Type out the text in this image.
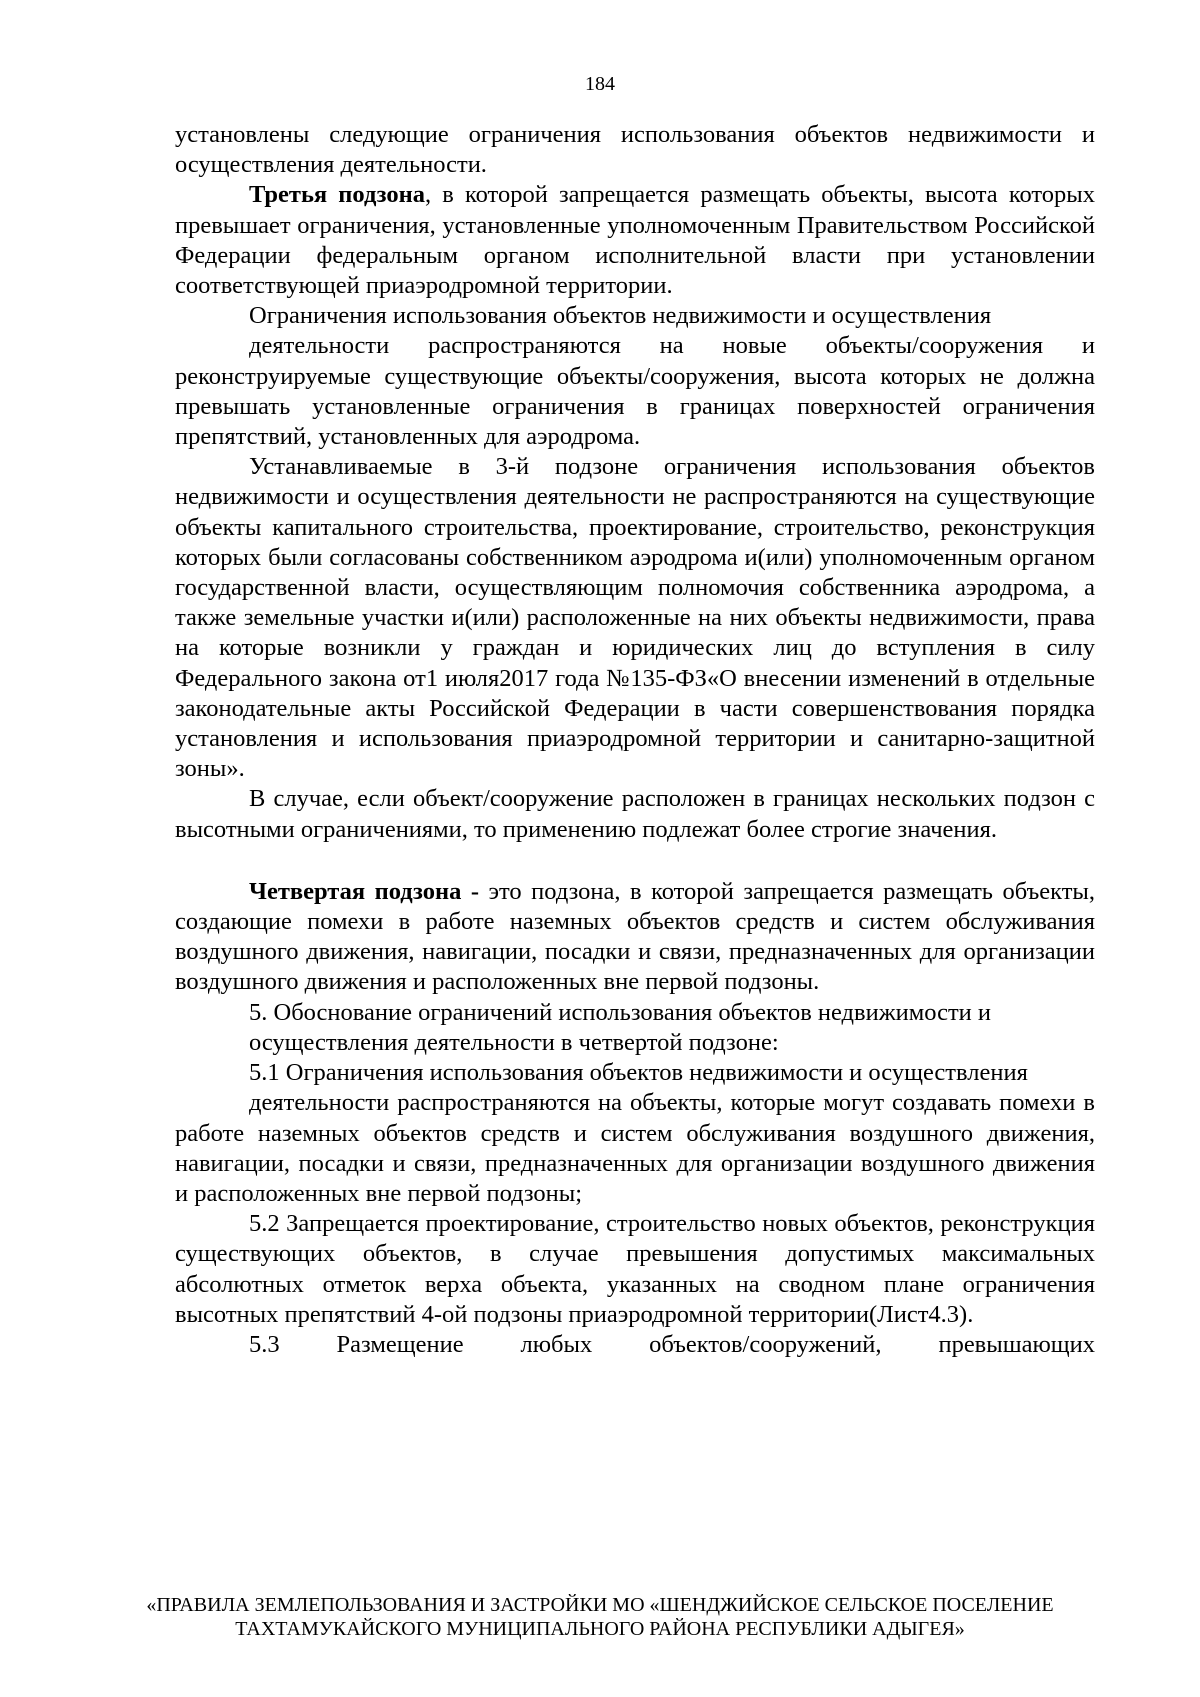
184

установлены следующие ограничения использования объектов недвижимости и осуществления деятельности.

Третья подзона, в которой запрещается размещать объекты, высота которых превышает ограничения, установленные уполномоченным Правительством Российской Федерации федеральным органом исполнительной власти при установлении соответствующей приаэродромной территории.

Ограничения использования объектов недвижимости и осуществления

деятельности распространяются на новые объекты/сооружения и реконструируемые существующие объекты/сооружения, высота которых не должна превышать установленные ограничения в границах поверхностей ограничения препятствий, установленных для аэродрома.

Устанавливаемые в 3-й подзоне ограничения использования объектов недвижимости и осуществления деятельности не распространяются на существующие объекты капитального строительства, проектирование, строительство, реконструкция которых были согласованы собственником аэродрома и(или) уполномоченным органом государственной власти, осуществляющим полномочия собственника аэродрома, а также земельные участки и(или) расположенные на них объекты недвижимости, права на которые возникли у граждан и юридических лиц до вступления в силу Федерального закона от1 июля2017 года №135-ФЗ«О внесении изменений в отдельные законодательные акты Российской Федерации в части совершенствования порядка установления и использования приаэродромной территории и санитарно-защитной зоны».

В случае, если объект/сооружение расположен в границах нескольких подзон с высотными ограничениями, то применению подлежат более строгие значения.

Четвертая подзона - это подзона, в которой запрещается размещать объекты, создающие помехи в работе наземных объектов средств и систем обслуживания воздушного движения, навигации, посадки и связи, предназначенных для организации воздушного движения и расположенных вне первой подзоны.

5. Обоснование ограничений использования объектов недвижимости и

осуществления деятельности в четвертой подзоне:

5.1 Ограничения использования объектов недвижимости и осуществления

деятельности распространяются на объекты, которые могут создавать помехи в работе наземных объектов средств и систем обслуживания воздушного движения, навигации, посадки и связи, предназначенных для организации воздушного движения и расположенных вне первой подзоны;

5.2 Запрещается проектирование, строительство новых объектов, реконструкция существующих объектов, в случае превышения допустимых максимальных абсолютных отметок верха объекта, указанных на сводном плане ограничения высотных препятствий 4-ой подзоны приаэродромной территории(Лист4.3).

5.3 Размещение любых объектов/сооружений, превышающих

«ПРАВИЛА ЗЕМЛЕПОЛЬЗОВАНИЯ И ЗАСТРОЙКИ МО «ШЕНДЖИЙСКОЕ СЕЛЬСКОЕ ПОСЕЛЕНИЕ
ТАХТАМУКАЙСКОГО МУНИЦИПАЛЬНОГО РАЙОНА РЕСПУБЛИКИ АДЫГЕЯ»
